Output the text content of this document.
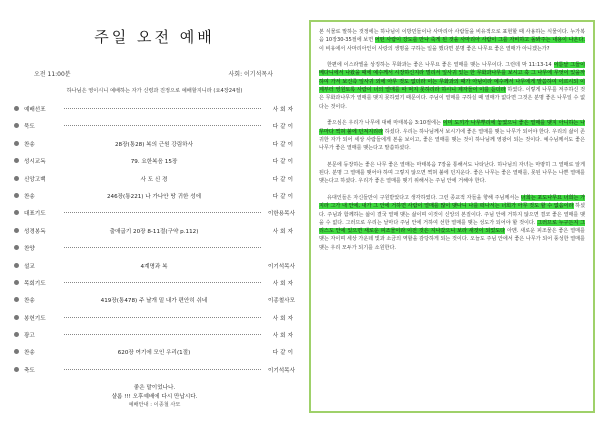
주일 오전 예배
오전 11:00분	사회: 이기석목사
하나님은 영이시니 예배하는 자가 신령과 진정으로 예배할지니라 (요4장24절)
예배선포	사회자
묵도	다같이
찬송	28장(통28) 복의 근원 강림하사	다같이
성시교독	79. 요한복음 15장	다같이
신앙고백	사 도 신 경	다같이
찬송	246장(통221) 나 가나안 땅 귀한 성에	다같이
대표기도	이한용목사
성경봉독	출애굽기 20장 8-11절(구약 p.112)	사회자
찬양
설교	4계명과 복	이기석목사
목회기도	사회자
찬송	419장(통478) 주 날개 밑 내가 편안히 쉬네	이종철사모
봉헌기도	사회자
광고	사회자
찬송	620장 여기에 모인 우리(1절)	다같이
축도	이기석목사
좋은 말이었나나.
샬롬 !!! 오후예배에 다시 만납시다.
예배안내 : 이종철 사모

본 식물로 말하는 것정에는 하나님이 이방민들이나 사마리아 사람들을 비유적으로 표현할 때 사용하는 식물이다. 누가복음 10장30-35절에 보면 어떤 사람이 강도를 만나 죽게 된 것을 사마리아 사람이 그를 자비하고 돌봐주는 내용이 나온다. 이 비유에서 사마리아인이 사랑의 생명을 구하는 일을 했다면 분명 좋은 나무요 좋은 열매가 아니겠는가?

한편에 이스라엘을 상징하는 무화과는 좋은 나무요 좋은 열매를 맺는 나무이다. 그런데 막 11:13-14 이튿날 그들이 베다니에서 나왔을 때에 예수께서 시장하신지라 멀리서 잎사귀 있는 한 무화과나무를 보시고 혹 그 나무에 무엇이 있을까 하여 가서 보신즉 잎사귀 외에 아무 것도 없더라 이는 무화과의 때가 아님이라 예수께서 나무에게 말씀하여 이르시되 이제부터 영원토록 사람이 너의 열매를 따 먹지 못하리라 하시니 제자들이 이를 듣더라 하였다. 이렇게 나무를 저주하신 것은 무화과나무가 열매를 맺지 못하였기 때문이다. 주님이 열매를 구하실 때 열매가 없다면 그것은 분명 좋은 나무일 수 없다는 것이다.

좋으심은 우리가 나무에 대해 마태복음 3:10절에는 이미 도끼가 나무뿌리에 놓였으니 좋은 열매를 맺지 아니하는 나무마다 찍혀 불에 던져지리라 하셨다. 우리는 하나님께서 보시기에 좋은 열매를 맺는 나무가 되어야 한다. 우리의 삶이 존귀한 자가 되어 세상 사람들에게 본을 보이고, 좋은 열매를 맺는 것이 하나님께 영광이 되는 것이다. 예수님께서도 좋은 나무가 좋은 열매를 맺는다고 말씀하셨다.

본문에 등장하는 좋은 나무 좋은 열매는 마태복음 7장을 통해서도 나타난다. 하나님의 자녀는 마땅히 그 열매로 알게 된다. 분명 그 열매를 맺어야 하며 그렇지 않으면 찍혀 불에 던지운다. 좋은 나무는 좋은 열매를, 못된 나무는 나쁜 열매를 맺는다고 하셨다. 우리가 좋은 열매를 맺기 위해서는 주님 안에 거해야 한다.

유대인들은 자신들만이 구원받았다고 생각하였다. 그런 종교적 자들을 향해 주님께서는 너희는 포도나무요 너희는 가지라 그가 내 안에, 내가 그 안에 거하면 사람이 열매를 많이 맺나니 나를 떠나서는 너희가 아무 것도 할 수 없음이라 하셨다. 주님과 함께하는 삶이 결국 열매 맺는 삶이며 이것이 신앙의 본질이다. 주님 안에 거하지 않으면 결코 좋은 열매를 맺을 수 없다. 그러므로 우리는 날마다 주님 안에 거하여 선한 열매를 맺는 성도가 되어야 할 것이다. 그러므로 누구든지 그리스도 안에 있으면 새로운 피조물이라 이전 것은 지나갔으니 보라 새것이 되었도다 아멘. 새로운 피조물은 좋은 열매를 맺는 자이며 세상 가운데 빛과 소금의 역할을 감당하게 되는 것이다. 오늘도 주님 안에서 좋은 나무가 되어 풍성한 열매를 맺는 우리 모두가 되기를 소원한다.
